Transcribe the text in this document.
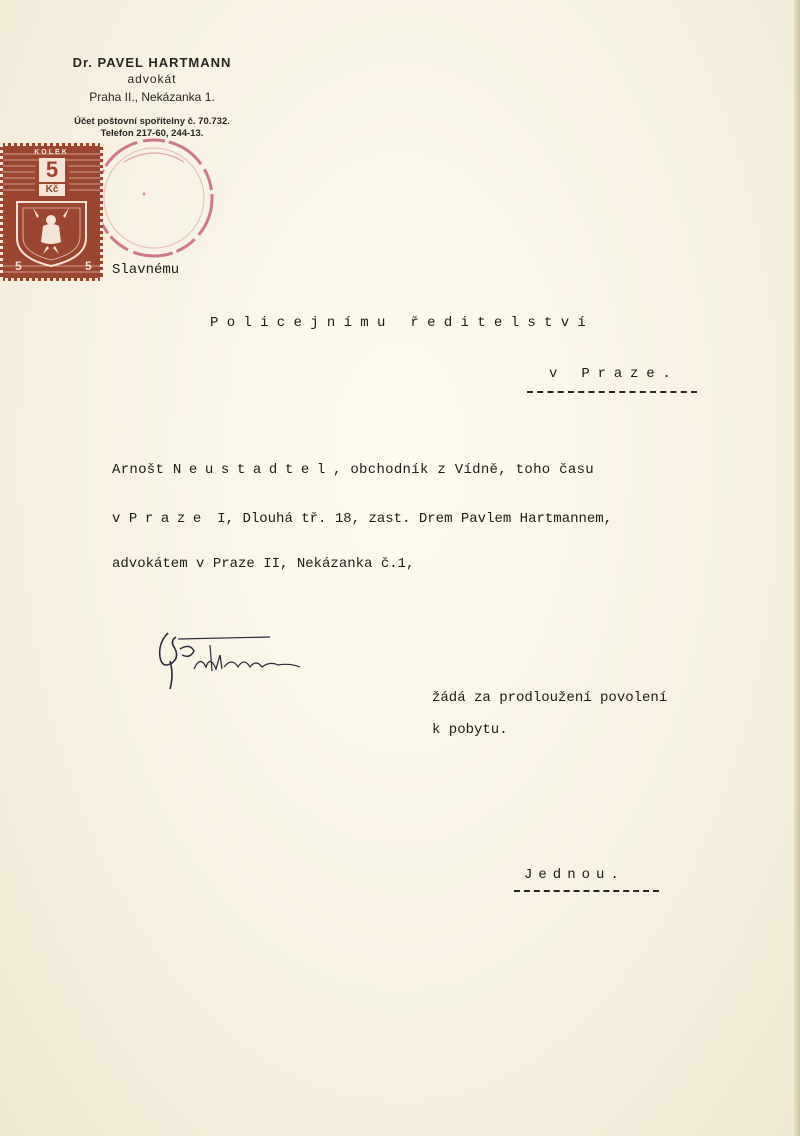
Dr. PAVEL HARTMANN
advokát
Praha II., Nekázanka 1.
Účet poštovní spořitelny č. 70.732.
Telefon 217-60, 244-13.
KOLEK
5
Kč
5	5 Slavnému
Policejnímu ředitelství
v Praze.
Arnošt Neustadtel, obchodník z Vídně, toho času
v Praze I, Dlouhá tř. 18, zast. Drem Pavlem Hartmannem,
advokátem v Praze II, Nekázanka č.1,
žádá za prodloužení povolení
k pobytu.
Jednou.
